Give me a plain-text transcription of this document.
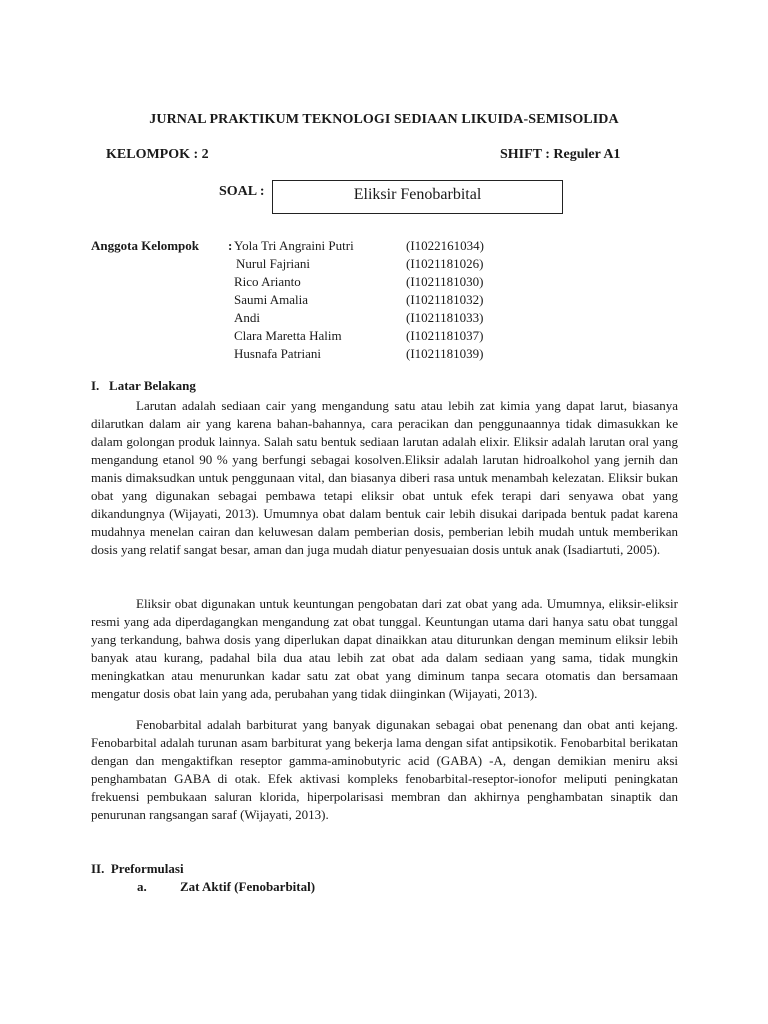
JURNAL PRAKTIKUM TEKNOLOGI SEDIAAN LIKUIDA-SEMISOLIDA
KELOMPOK : 2	SHIFT : Reguler A1
SOAL :	Eliksir Fenobarbital
Anggota Kelompok : Yola Tri Angraini Putri	(I1022161034)
Nurul Fajriani	(I1021181026)
Rico Arianto	(I1021181030)
Saumi Amalia	(I1021181032)
Andi	(I1021181033)
Clara Maretta Halim	(I1021181037)
Husnafa Patriani	(I1021181039)
I.   Latar Belakang

Larutan adalah sediaan cair yang mengandung satu atau lebih zat kimia yang dapat larut, biasanya dilarutkan dalam air yang karena bahan-bahannya, cara peracikan dan penggunaannya tidak dimasukkan ke dalam golongan produk lainnya. Salah satu bentuk sediaan larutan adalah elixir. Eliksir adalah larutan oral yang mengandung etanol 90 % yang berfungi sebagai kosolven.Eliksir adalah larutan hidroalkohol yang jernih dan manis dimaksudkan untuk penggunaan vital, dan biasanya diberi rasa untuk menambah kelezatan. Eliksir bukan obat yang digunakan sebagai pembawa tetapi eliksir obat untuk efek terapi dari senyawa obat yang dikandungnya (Wijayati, 2013). Umumnya obat dalam bentuk cair lebih disukai daripada bentuk padat karena mudahnya menelan cairan dan keluwesan dalam pemberian dosis, pemberian lebih mudah untuk memberikan dosis yang relatif sangat besar, aman dan juga mudah diatur penyesuaian dosis untuk anak (Isadiartuti, 2005).

Eliksir obat digunakan untuk keuntungan pengobatan dari zat obat yang ada. Umumnya, eliksir-eliksir resmi yang ada diperdagangkan mengandung zat obat tunggal. Keuntungan utama dari hanya satu obat tunggal yang terkandung, bahwa dosis yang diperlukan dapat dinaikkan atau diturunkan dengan meminum eliksir lebih banyak atau kurang, padahal bila dua atau lebih zat obat ada dalam sediaan yang sama, tidak mungkin meningkatkan atau menurunkan kadar satu zat obat yang diminum tanpa secara otomatis dan bersamaan mengatur dosis obat lain yang ada, perubahan yang tidak diinginkan (Wijayati, 2013).

Fenobarbital adalah barbiturat yang banyak digunakan sebagai obat penenang dan obat anti kejang. Fenobarbital adalah turunan asam barbiturat yang bekerja lama dengan sifat antipsikotik. Fenobarbital berikatan dengan dan mengaktifkan reseptor gamma-aminobutyric acid (GABA) -A, dengan demikian meniru aksi penghambatan GABA di otak. Efek aktivasi kompleks fenobarbital-reseptor-ionofor meliputi peningkatan frekuensi pembukaan saluran klorida, hiperpolarisasi membran dan akhirnya penghambatan sinaptik dan penurunan rangsangan saraf (Wijayati, 2013).

II.  Preformulasi
a.	Zat Aktif (Fenobarbital)
